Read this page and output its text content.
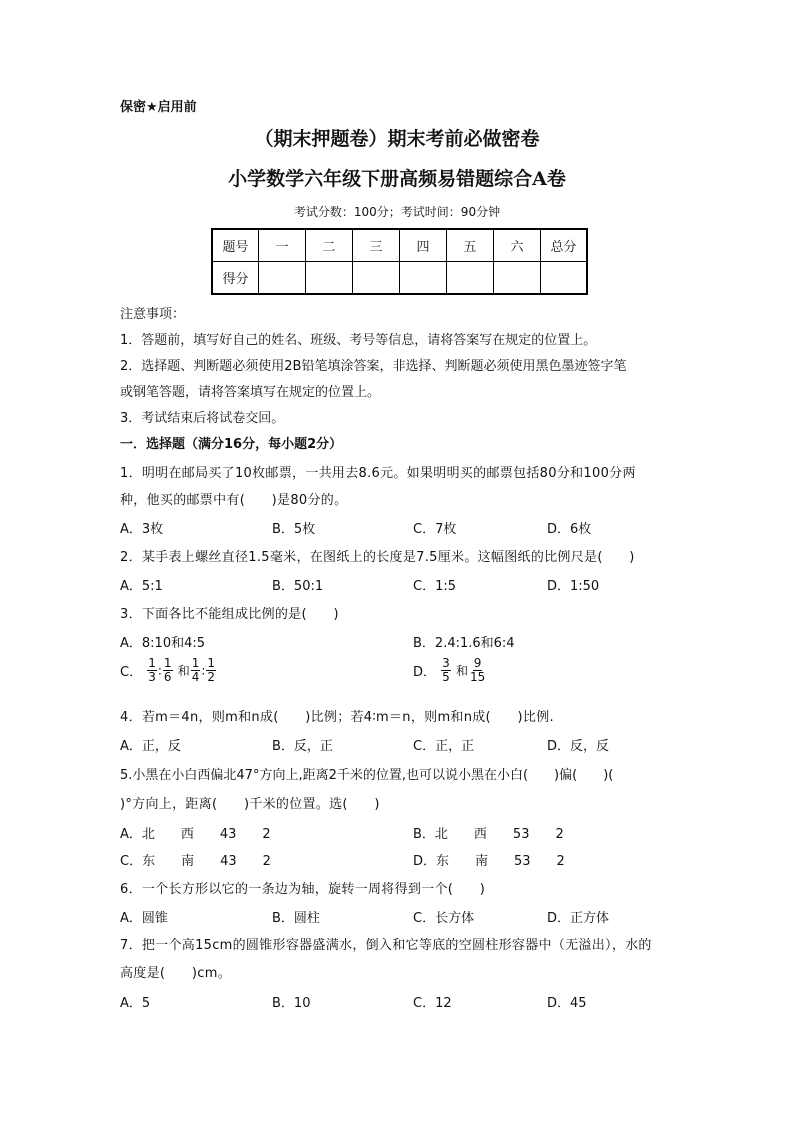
保密★启用前
（期末押题卷）期末考前必做密卷
小学数学六年级下册高频易错题综合A卷
考试分数：100分；考试时间：90分钟
题号	一	二	三	四	五	六	总分
得分							
注意事项：
1．答题前，填写好自己的姓名、班级、考号等信息，请将答案写在规定的位置上。
2．选择题、判断题必须使用2B铅笔填涂答案，非选择、判断题必须使用黑色墨迹签字笔
或钢笔答题，请将答案填写在规定的位置上。
3．考试结束后将试卷交回。
一．选择题（满分16分，每小题2分）
1．明明在邮局买了10枚邮票，一共用去8.6元。如果明明买的邮票包括80分和100分两
种，他买的邮票中有(　　)是80分的。
A．3枚	B．5枚	C．7枚	D．6枚
2．某手表上螺丝直径1.5毫米，在图纸上的长度是7.5厘米。这幅图纸的比例尺是(　　)
A．5:1	B．50:1	C．1:5	D．1:50
3．下面各比不能组成比例的是(　　)
A．8:10和4:5	B．2.4:1.6和6:4
C． $\frac{1}{3}$ : $\frac{1}{6}$ 和 $\frac{1}{4}$ : $\frac{1}{2}$	D． $\frac{3}{5}$ 和 $\frac{9}{15}$
4．若m＝4n，则m和n成(　　)比例；若4∶m＝n，则m和n成(　　)比例.
A．正，反	B．反，正	C．正，正	D．反，反
5.小黑在小白西偏北47°方向上,距离2千米的位置,也可以说小黑在小白(　　)偏(　　)(
)°方向上，距离(　　)千米的位置。选(　　)
A．北　　西　　43　　2	B．北　　西　　53　　2
C．东　　南　　43　　2	D．东　　南　　53　　2
6．一个长方形以它的一条边为轴，旋转一周将得到一个(　　)
A．圆锥	B．圆柱	C．长方体	D．正方体
7．把一个高15cm的圆锥形容器盛满水，倒入和它等底的空圆柱形容器中（无溢出），水的
高度是(　　)cm。
A．5	B．10	C．12	D．45
